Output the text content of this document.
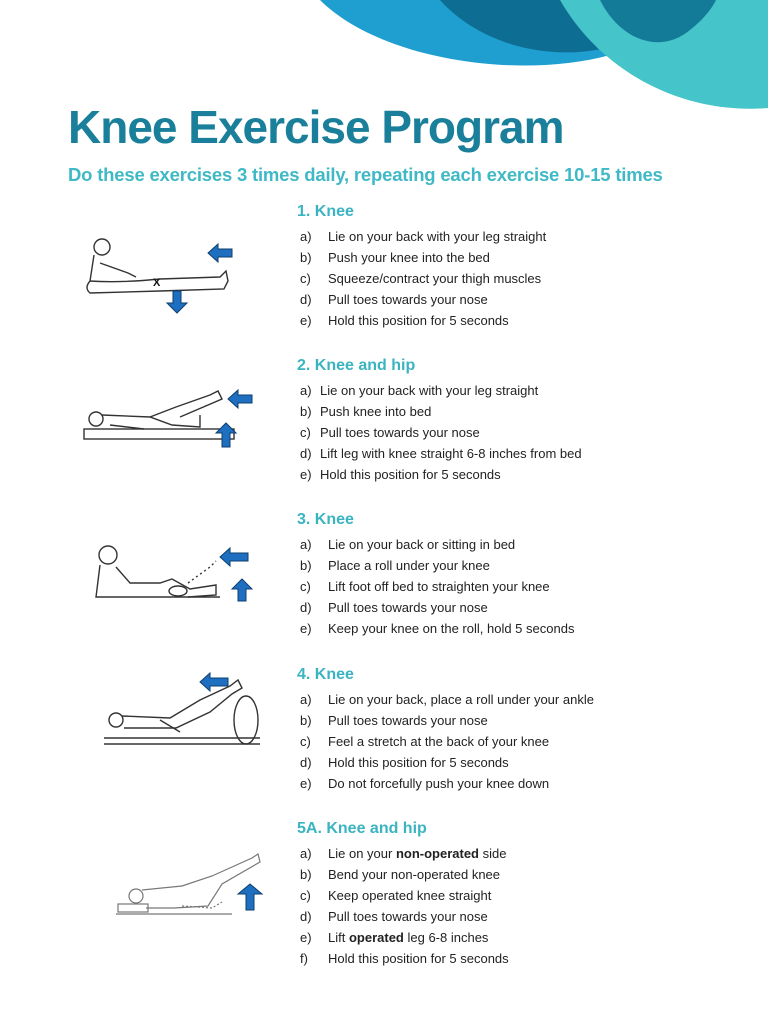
Knee Exercise Program

Do these exercises 3 times daily, repeating each exercise 10-15 times

1. Knee
X
a) Lie on your back with your leg straight
b) Push your knee into the bed
c) Squeeze/contract your thigh muscles
d) Pull toes towards your nose
e) Hold this position for 5 seconds
2. Knee and hip
a) Lie on your back with your leg straight
b) Push knee into bed
c) Pull toes towards your nose
d) Lift leg with knee straight 6-8 inches from bed
e) Hold this position for 5 seconds
3. Knee
a) Lie on your back or sitting in bed
b) Place a roll under your knee
c) Lift foot off bed to straighten your knee
d) Pull toes towards your nose
e) Keep your knee on the roll, hold 5 seconds
4. Knee
a) Lie on your back, place a roll under your ankle
b) Pull toes towards your nose
c) Feel a stretch at the back of your knee
d) Hold this position for 5 seconds
e) Do not forcefully push your knee down
5A. Knee and hip
a) Lie on your non-operated side
b) Bend your non-operated knee
c) Keep operated knee straight
d) Pull toes towards your nose
e) Lift operated leg 6-8 inches
f) Hold this position for 5 seconds
